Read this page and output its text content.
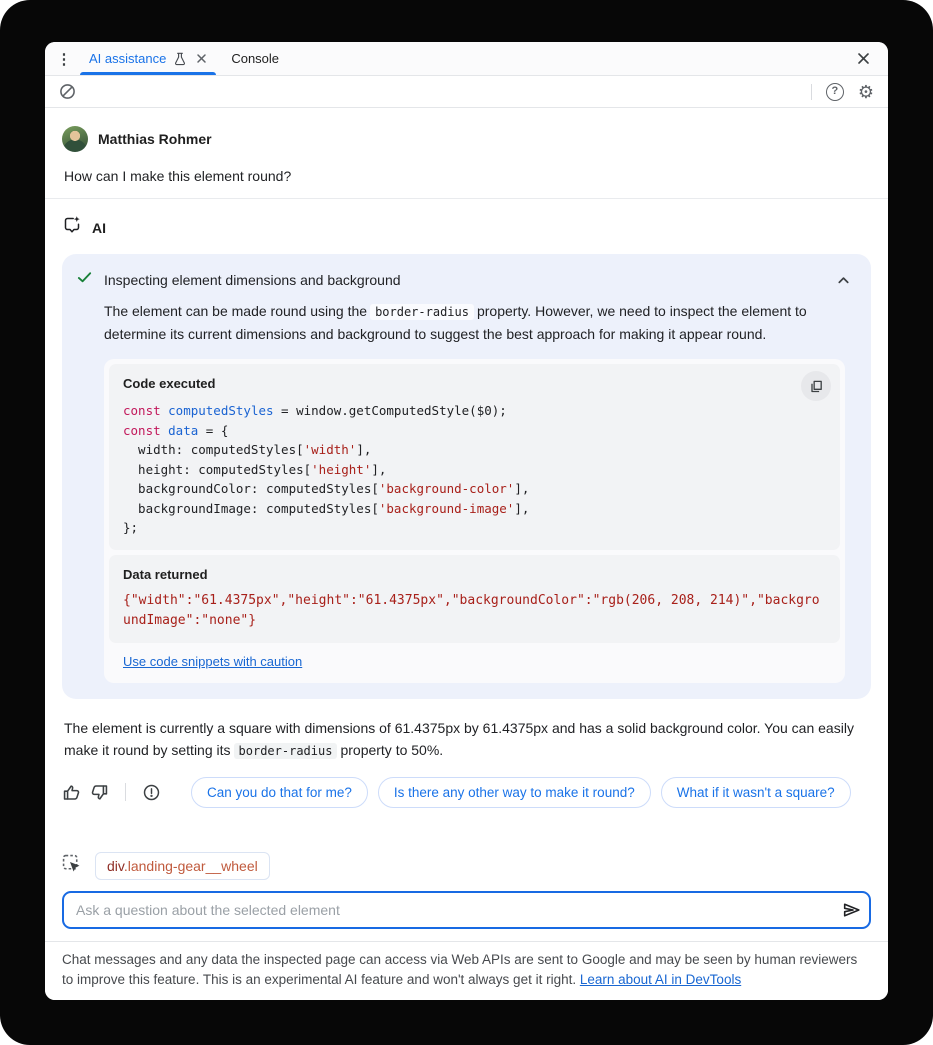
⋮	AI assistance	Console
?	⚙
Matthias Rohmer
How can I make this element round?
AI
Inspecting element dimensions and background
The element can be made round using the border-radius property. However, we need to inspect the element to determine its current dimensions and background to suggest the best approach for making it appear round.
Code executed
const computedStyles = window.getComputedStyle($0);
const data = {
width: computedStyles['width'],
height: computedStyles['height'],
backgroundColor: computedStyles['background-color'],
backgroundImage: computedStyles['background-image'],
};
Data returned
{"width":"61.4375px","height":"61.4375px","backgroundColor":"rgb(206, 208, 214)","backgroundImage":"none"}
Use code snippets with caution
The element is currently a square with dimensions of 61.4375px by 61.4375px and has a solid background color. You can easily make it round by setting its border-radius property to 50%.
Can you do that for me?	Is there any other way to make it round?	What if it wasn't a square?
div.landing-gear__wheel
Ask a question about the selected element
Chat messages and any data the inspected page can access via Web APIs are sent to Google and may be seen by human reviewers to improve this feature. This is an experimental AI feature and won't always get it right. Learn about AI in DevTools
